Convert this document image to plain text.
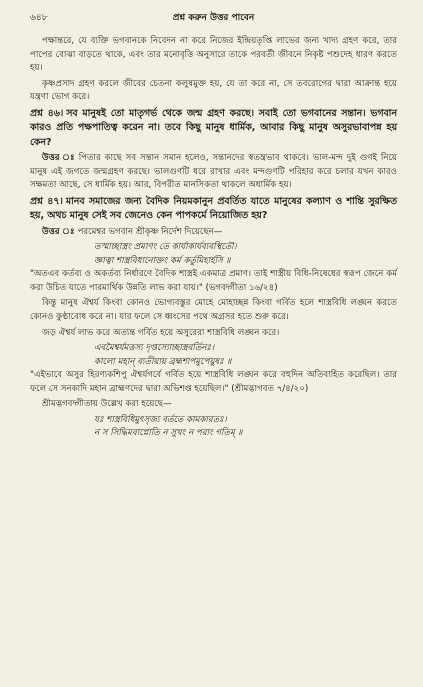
৬৪৮	প্রশ্ন করুন উত্তর পাবেন

পক্ষান্তরে, যে ব্যক্তি ভগবানকে নিবেদন না করে নিজের ইন্দ্রিয়তৃপ্তি লাভের জন্য খাদ্য গ্রহণ করে, তার পাপের বোঝা বাড়তে থাকে, এবং তার মনোবৃত্তি অনুসারে তাকে পরবর্তী জীবনে নিকৃষ্ট পশুদেহ ধারণ করতে হয়।

কৃষ্ণপ্রসাদ গ্রহণ করলে জীবের চেতনা কলুষমুক্ত হয়, যে তা করে না, সে তবরোগের দ্বারা আক্রান্ত হয়ে যন্ত্রণা ভোগ করে।

প্রশ্ন ৪৬। সব মানুষই তো মাতৃগর্ভ থেকে জন্ম গ্রহণ করছে। সবাই তো ভগবানের সন্তান। ভগবান কারও প্রতি পক্ষপাতিত্ব করেন না। তবে কিছু মানুষ ধার্মিক, আবার কিছু মানুষ অসুরভাবাপন্ন হয় কেন?

উত্তর ঃ পিতার কাছে সব সন্তান সমান হলেও, সন্তানদের স্বতন্ত্রভাব থাকবে। ভাল-মন্দ দুই গুণই নিয়ে মানুষ এই জগতে জন্মগ্রহণ করছে। ভালগুণটি ধরে রাখার এবং মন্দগুণটি পরিহার করে চলার যখন কারও সক্ষমতা আছে, সে ধার্মিক হয়। আর, বিপরীত মানসিকতা থাকলে অধার্মিক হয়।

প্রশ্ন ৪৭। মানব সমাজের জন্য বৈদিক নিয়মকানুন প্রবর্তিত যাতে মানুষের কল্যাণ ও শান্তি সুরক্ষিত হয়, অথচ মানুষ সেই সব জেনেও কেন পাপকর্মে নিয়োজিত হয়?

উত্তর ঃ পরমেশ্বর ভগবান শ্রীকৃষ্ণ নির্দেশ দিয়েছেন—

তস্মাচ্ছাস্ত্রং প্রমাণং তে কার্যাকার্যব্যবস্থিতৌ।
জ্ঞাত্বা শাস্ত্রবিধানোক্তং কর্ম কর্তুমিহার্হসি ॥

"অতএব কর্তব্য ও অকর্তব্য নির্ধারণে বৈদিক শাস্ত্রই একমাত্র প্রমাণ। তাই শাস্ত্রীয় বিধি-নিষেধের স্বরূপ জেনে কর্ম করা উচিত যাতে পারমার্থিক উন্নতি লাভ করা যায়।" (ভগবদ্গীতা ১৬/২৪)

কিন্তু মানুষ ঐশ্বর্য কিংবা কোনও ভোগ্যবস্তুর মোহে মোহাচ্ছন্ন কিংবা গর্বিত হলে শাস্ত্রবিধি লঙ্ঘন করতে কোনও কুণ্ঠাবোধ করে না। যার ফলে সে ধ্বংসের পথে অগ্রসর হতে শুরু করে।

জড় ঐশ্বর্য লাভ করে অত্যন্ত গর্বিত হয়ে অসুরেরা শাস্ত্রবিধি লঙ্ঘন করে।

এবমৈশ্বর্যমত্তস্য দৃপ্তস্যোচ্ছাস্ত্রবর্তিনঃ।
কালো মহান্ ব্যতীয়ায় ব্রহ্মশাপমুপেয়ুষঃ ॥

"এইভাবে অসুর হিরণ্যকশিপু ঐশ্বর্যগর্বে গর্বিত হয়ে শাস্ত্রবিধি লঙ্ঘন করে বহুদিন অতিবাহিত করেছিল। তার ফলে সে সনকাদি মহান ব্রাহ্মণদের দ্বারা অভিশপ্ত হয়েছিল।" (শ্রীমদ্ভাগবত ৭/৪/২০)

শ্রীমদ্ভগবদ্গীতায় উল্লেখ করা হয়েছে—

যঃ শাস্ত্রবিধিমুৎসৃজ্য বর্ততে কামকারতঃ।
ন স সিদ্ধিমবাপ্নোতি ন সুখং ন পরাং গতিম্ ॥
